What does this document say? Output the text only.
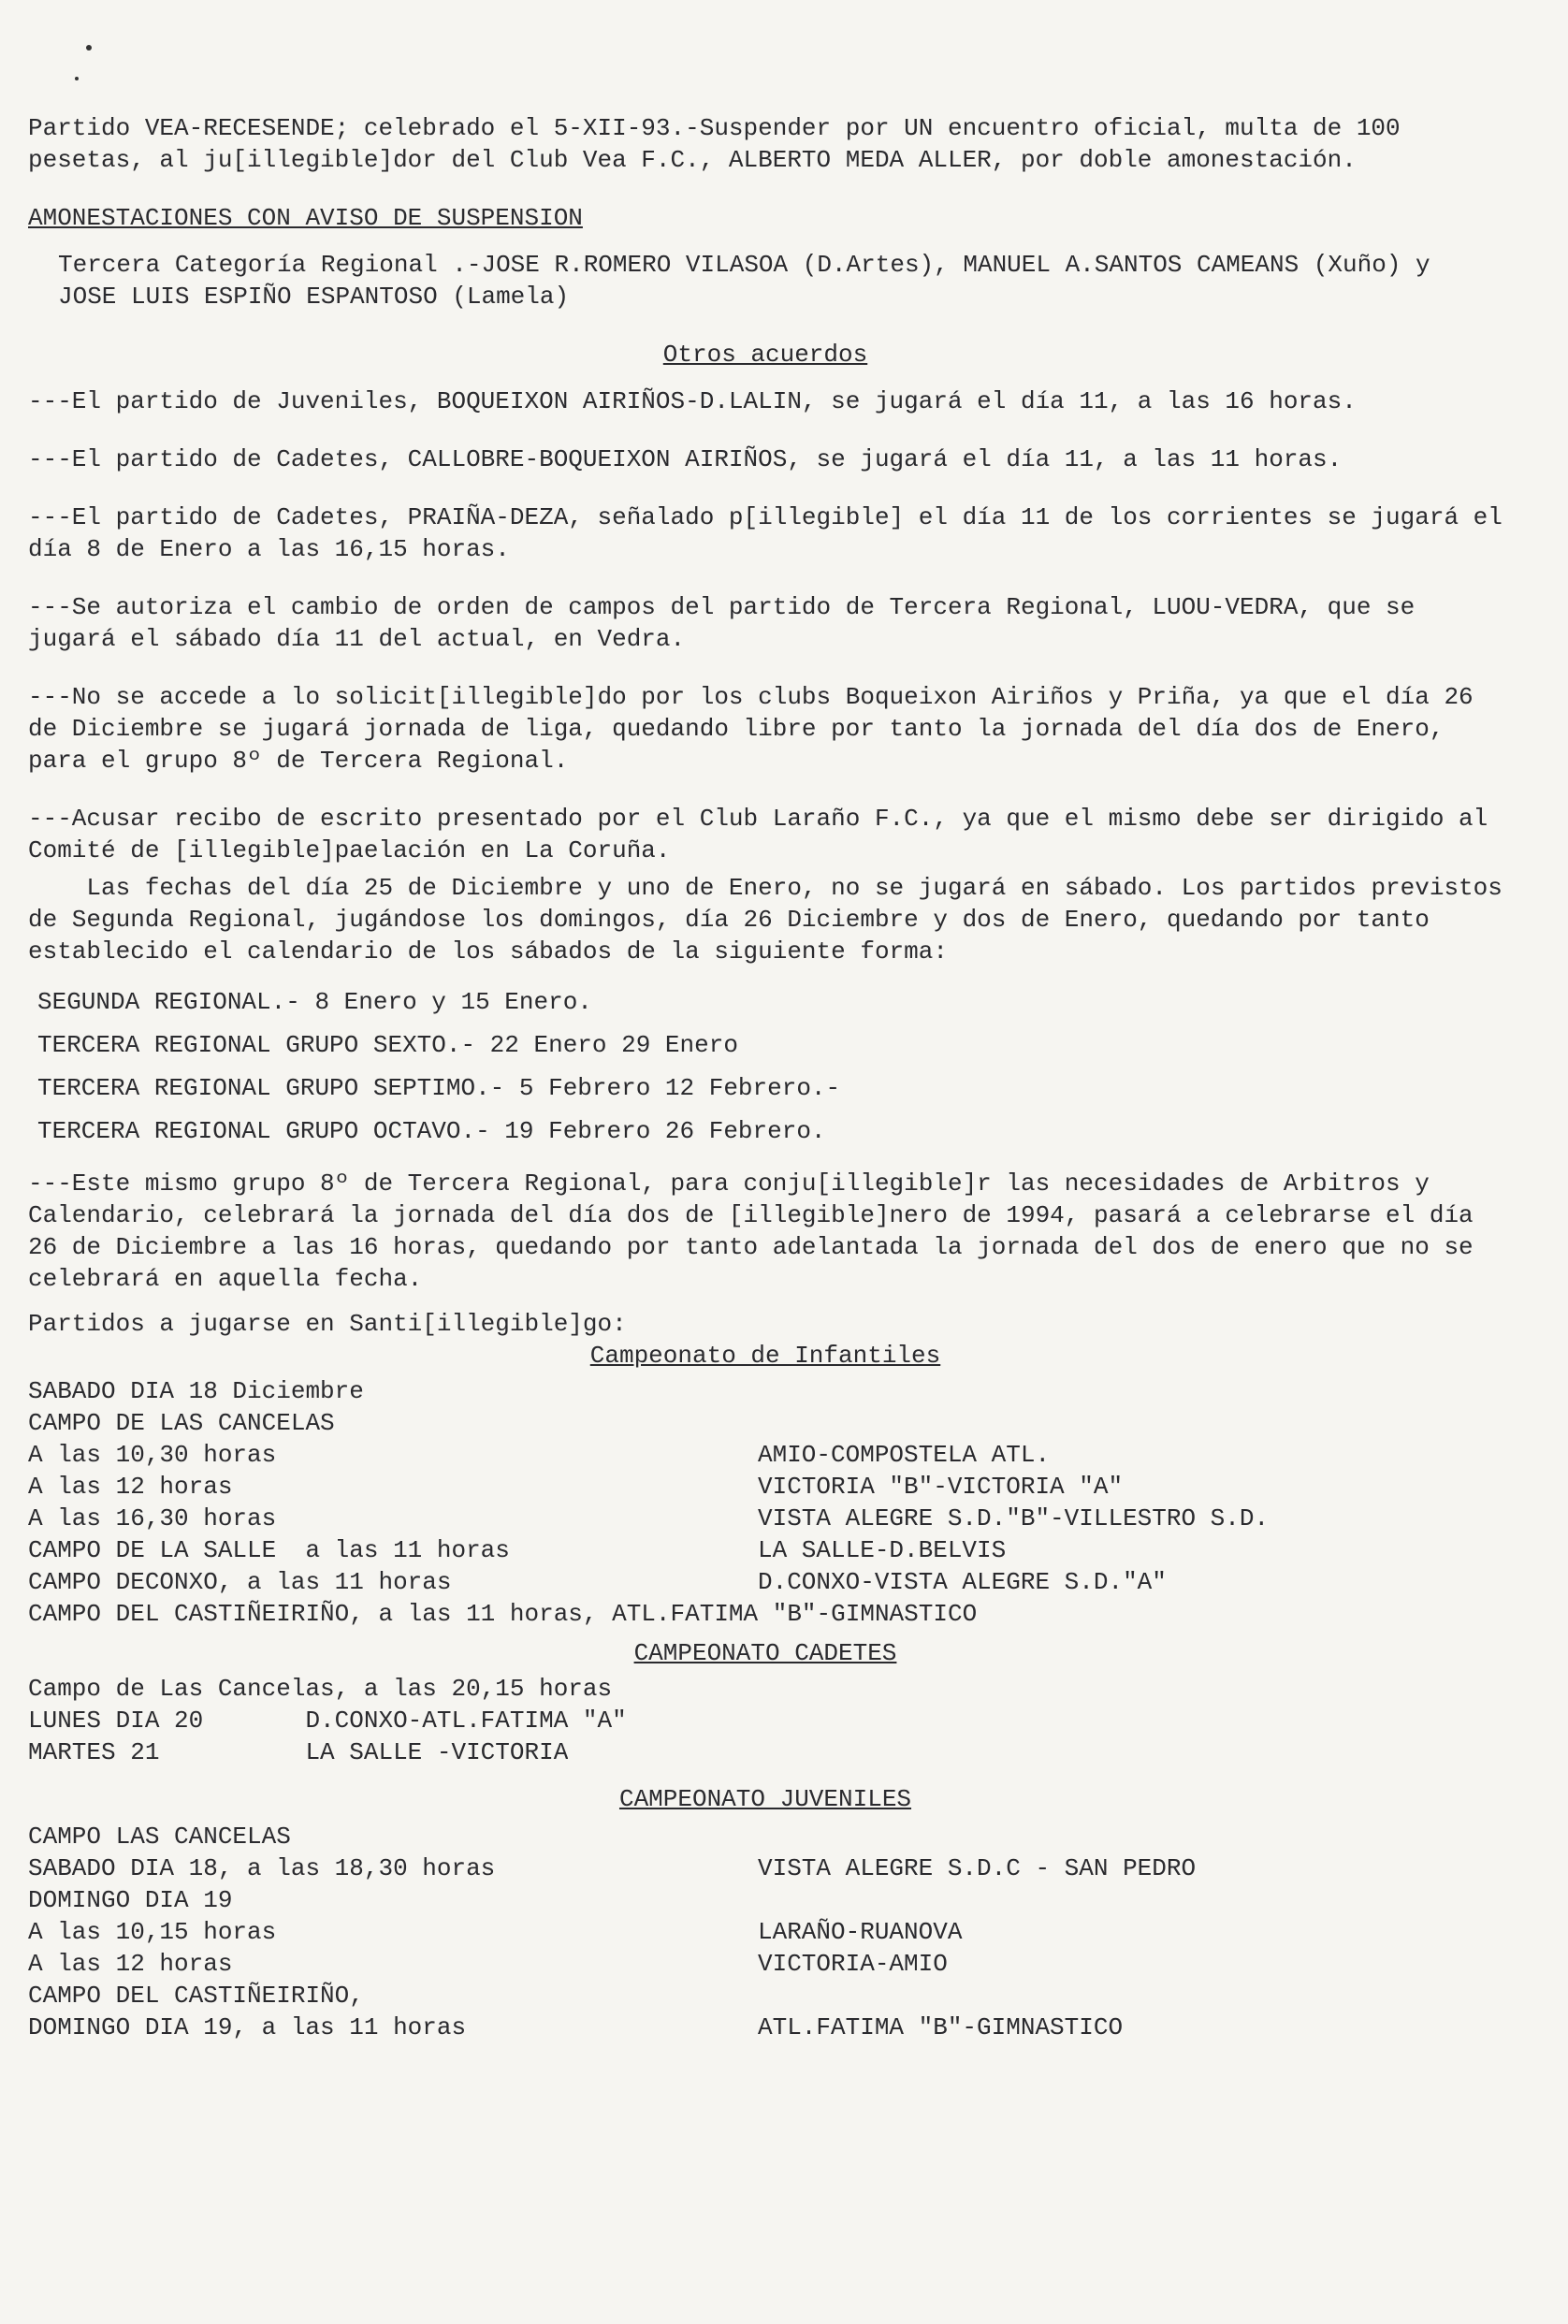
Partido VEA-RECESENDE; celebrado el 5-XII-93.-Suspender por UN encuentro oficial, multa de 100 pesetas, al ju[illegible]dor del Club Vea F.C., ALBERTO MEDA ALLER, por doble amonestación.

AMONESTACIONES CON AVISO DE SUSPENSION

Tercera Categoría Regional .-JOSE R.ROMERO VILASOA (D.Artes), MANUEL A.SANTOS CAMEANS (Xuño) y JOSE LUIS ESPIÑO ESPANTOSO (Lamela)

Otros acuerdos

---El partido de Juveniles, BOQUEIXON AIRIÑOS-D.LALIN, se jugará el día 11, a las 16 horas.

---El partido de Cadetes, CALLOBRE-BOQUEIXON AIRIÑOS, se jugará el día 11, a las 11 horas.

---El partido de Cadetes, PRAIÑA-DEZA, señalado p[illegible] el día 11 de los corrientes se jugará el día 8 de Enero a las 16,15 horas.

---Se autoriza el cambio de orden de campos del partido de Tercera Regional, LUOU-VEDRA, que se jugará el sábado día 11 del actual, en Vedra.

---No se accede a lo solicit[illegible]do por los clubs Boqueixon Airiños y Priña, ya que el día 26 de Diciembre se jugará jornada de liga, quedando libre por tanto la jornada del día dos de Enero, para el grupo 8º de Tercera Regional.

---Acusar recibo de escrito presentado por el Club Laraño F.C., ya que el mismo debe ser dirigido al Comité de [illegible]paelación en La Coruña.

Las fechas del día 25 de Diciembre y uno de Enero, no se jugará en sábado. Los partidos previstos de Segunda Regional, jugándose los domingos, día 26 Diciembre y dos de Enero, quedando por tanto establecido el calendario de los sábados de la siguiente forma:

SEGUNDA REGIONAL.- 8 Enero y 15 Enero.
TERCERA REGIONAL GRUPO SEXTO.- 22 Enero 29 Enero
TERCERA REGIONAL GRUPO SEPTIMO.- 5 Febrero 12 Febrero.-
TERCERA REGIONAL GRUPO OCTAVO.- 19 Febrero 26 Febrero.

---Este mismo grupo 8º de Tercera Regional, para conju[illegible]r las necesidades de Arbitros y Calendario, celebrará la jornada del día dos de [illegible]nero de 1994, pasará a celebrarse el día 26 de Diciembre a las 16 horas, quedando por tanto adelantada la jornada del dos de enero que no se celebrará en aquella fecha.

Partidos a jugarse en Santi[illegible]go:

Campeonato de Infantiles
SABADO DIA 18 Diciembre
CAMPO DE LAS CANCELAS
A las 10,30 horas	AMIO-COMPOSTELA ATL.
A las 12 horas	VICTORIA "B"-VICTORIA "A"
A las 16,30 horas	VISTA ALEGRE S.D."B"-VILLESTRO S.D.
CAMPO DE LA SALLE  a las 11 horas	LA SALLE-D.BELVIS
CAMPO DECONXO, a las 11 horas	D.CONXO-VISTA ALEGRE S.D."A"
CAMPO DEL CASTIÑEIRIÑO, a las 11 horas, ATL.FATIMA "B"-GIMNASTICO
CAMPEONATO CADETES
Campo de Las Cancelas, a las 20,15 horas
LUNES DIA 20       D.CONXO-ATL.FATIMA "A"
MARTES 21          LA SALLE -VICTORIA
CAMPEONATO JUVENILES
CAMPO LAS CANCELAS
SABADO DIA 18, a las 18,30 horas	VISTA ALEGRE S.D.C - SAN PEDRO
DOMINGO DIA 19
A las 10,15 horas	LARAÑO-RUANOVA
A las 12 horas	VICTORIA-AMIO
CAMPO DEL CASTIÑEIRIÑO,
DOMINGO DIA 19, a las 11 horas	ATL.FATIMA "B"-GIMNASTICO
